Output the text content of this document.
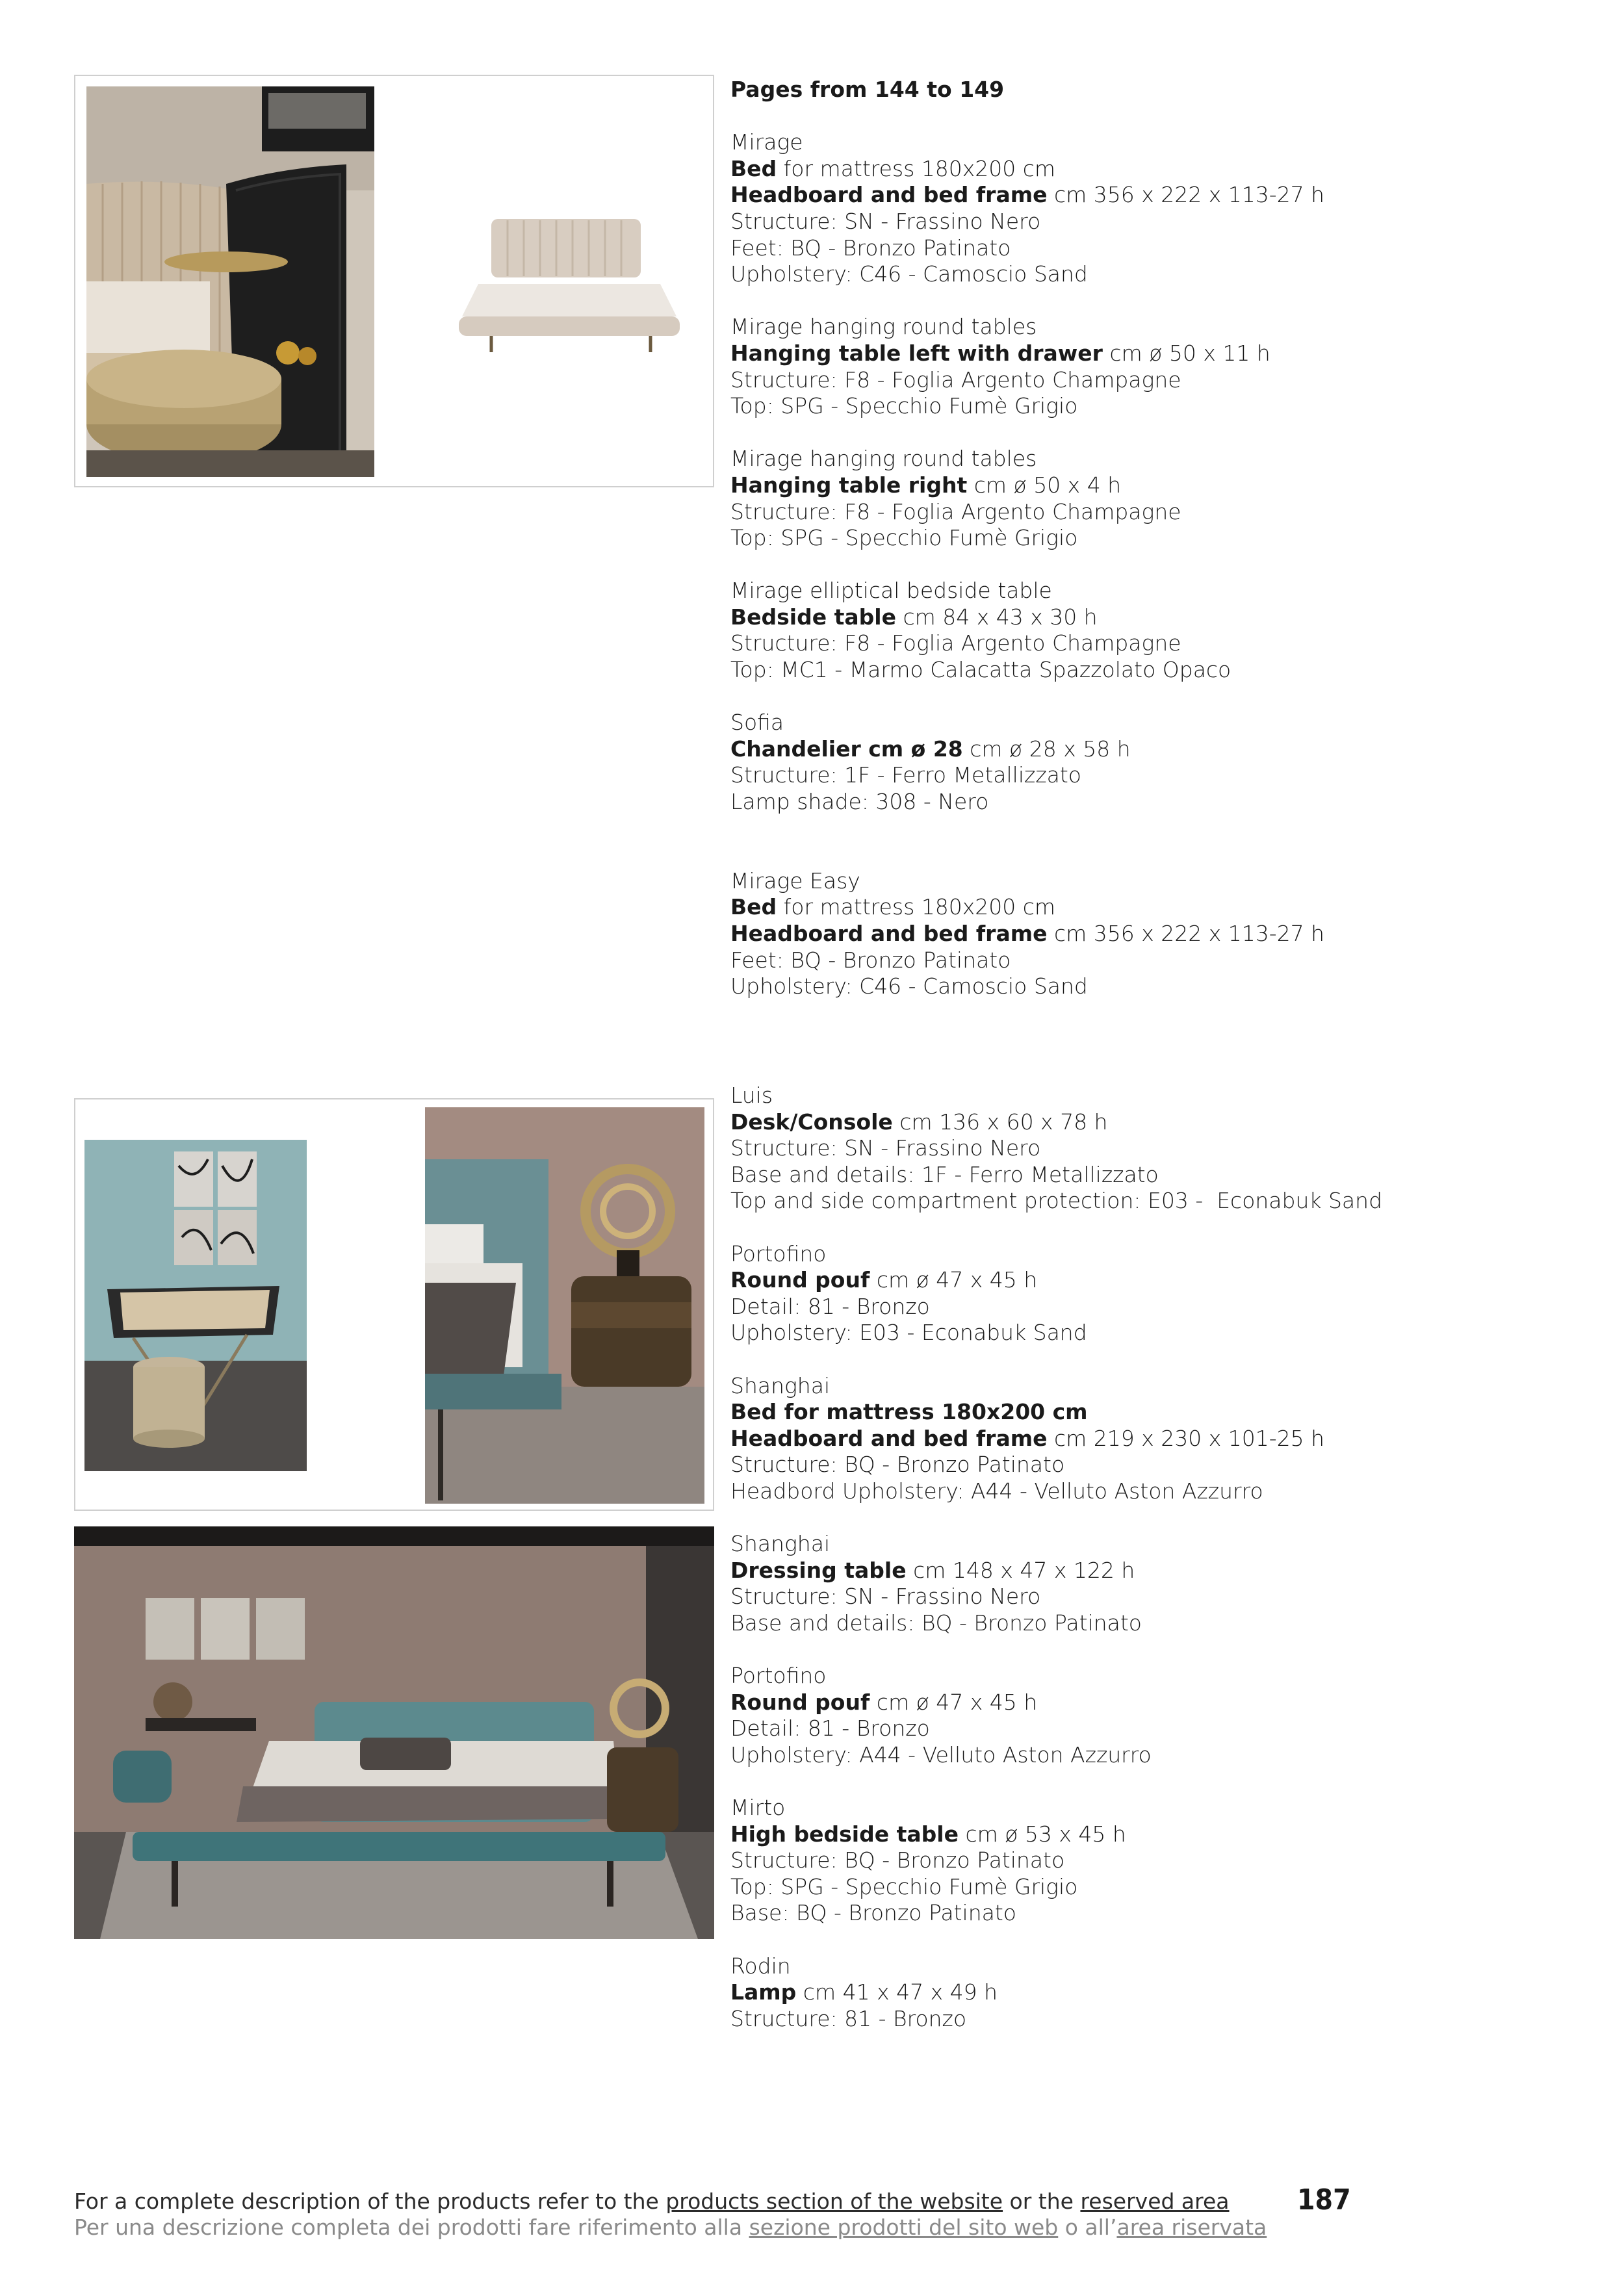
Pages from 144 to 149
Mirage
Bed for mattress 180x200 cm
Headboard and bed frame cm 356 x 222 x 113-27 h
Structure: SN - Frassino Nero
Feet: BQ - Bronzo Patinato
Upholstery: C46 - Camoscio Sand
Mirage hanging round tables
Hanging table left with drawer cm ø 50 x 11 h
Structure: F8 - Foglia Argento Champagne
Top: SPG - Specchio Fumè Grigio
Mirage hanging round tables
Hanging table right cm ø 50 x 4 h
Structure: F8 - Foglia Argento Champagne
Top: SPG - Specchio Fumè Grigio
Mirage elliptical bedside table
Bedside table cm 84 x 43 x 30 h
Structure: F8 - Foglia Argento Champagne
Top: MC1 - Marmo Calacatta Spazzolato Opaco
Sofia
Chandelier cm ø 28 cm ø 28 x 58 h
Structure: 1F - Ferro Metallizzato
Lamp shade: 308 - Nero
Mirage Easy
Bed for mattress 180x200 cm
Headboard and bed frame cm 356 x 222 x 113-27 h
Feet: BQ - Bronzo Patinato
Upholstery: C46 - Camoscio Sand
Luis
Desk/Console cm 136 x 60 x 78 h
Structure: SN - Frassino Nero
Base and details: 1F - Ferro Metallizzato
Top and side compartment protection: E03 -  Econabuk Sand
Portofino
Round pouf cm ø 47 x 45 h
Detail: 81 - Bronzo
Upholstery: E03 - Econabuk Sand
Shanghai
Bed for mattress 180x200 cm
Headboard and bed frame cm 219 x 230 x 101-25 h
Structure: BQ - Bronzo Patinato
Headbord Upholstery: A44 - Velluto Aston Azzurro
Shanghai
Dressing table cm 148 x 47 x 122 h
Structure: SN - Frassino Nero
Base and details: BQ - Bronzo Patinato
Portofino
Round pouf cm ø 47 x 45 h
Detail: 81 - Bronzo
Upholstery: A44 - Velluto Aston Azzurro
Mirto
High bedside table cm ø 53 x 45 h
Structure: BQ - Bronzo Patinato
Top: SPG - Specchio Fumè Grigio
Base: BQ - Bronzo Patinato
Rodin
Lamp cm 41 x 47 x 49 h
Structure: 81 - Bronzo
For a complete description of the products refer to the products section of the website or the reserved area
Per una descrizione completa dei prodotti fare riferimento alla sezione prodotti del sito web o all’area riservata
187
